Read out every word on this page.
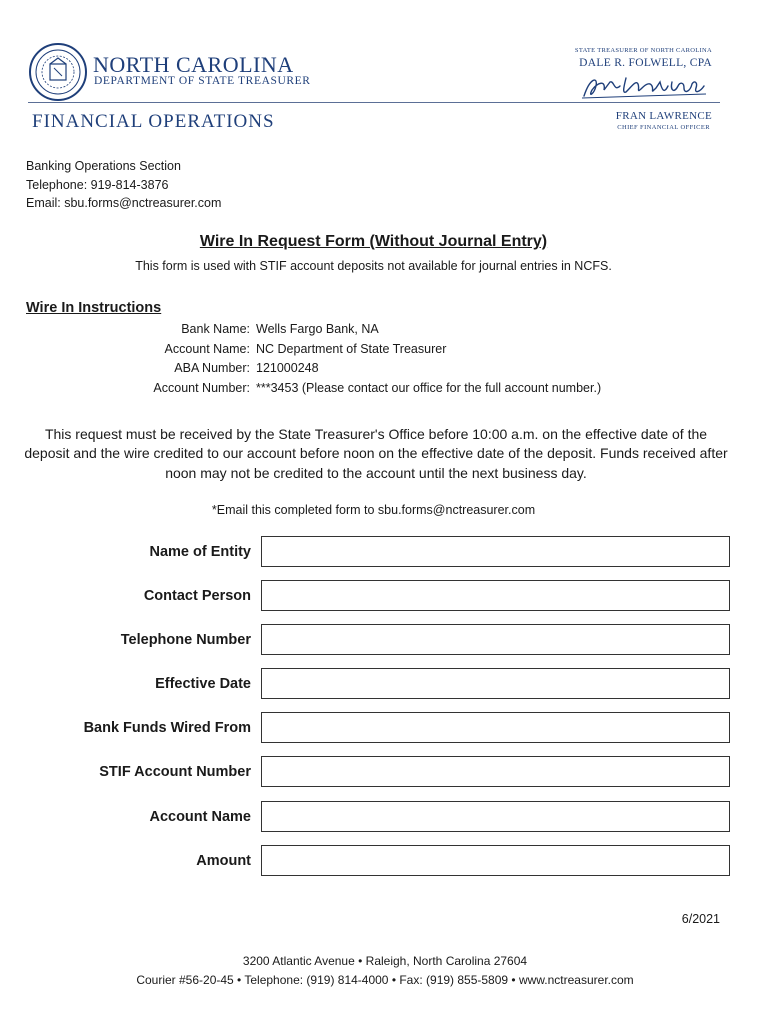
NORTH CAROLINA
DEPARTMENT OF STATE TREASURER
FINANCIAL OPERATIONS
STATE TREASURER OF NORTH CAROLINA
DALE R. FOLWELL, CPA
FRAN LAWRENCE
CHIEF FINANCIAL OFFICER
Banking Operations Section
Telephone: 919-814-3876
Email: sbu.forms@nctreasurer.com
Wire In Request Form (Without Journal Entry)
This form is used with STIF account deposits not available for journal entries in NCFS.
Wire In Instructions
Bank Name:
Account Name:
ABA Number:
Account Number:
Wells Fargo Bank, NA
NC Department of State Treasurer
121000248
***3453 (Please contact our office for the full account number.)
This request must be received by the State Treasurer's Office before 10:00 a.m. on the effective date of the deposit and the wire credited to our account before noon on the effective date of the deposit. Funds received after noon may not be credited to the account until the next business day.
*Email this completed form to sbu.forms@nctreasurer.com
Name of Entity
Contact Person
Telephone Number
Effective Date
Bank Funds Wired From
STIF Account Number
Account Name
Amount
6/2021
3200 Atlantic Avenue • Raleigh, North Carolina 27604
Courier #56-20-45 • Telephone: (919) 814-4000 • Fax: (919) 855-5809 • www.nctreasurer.com
